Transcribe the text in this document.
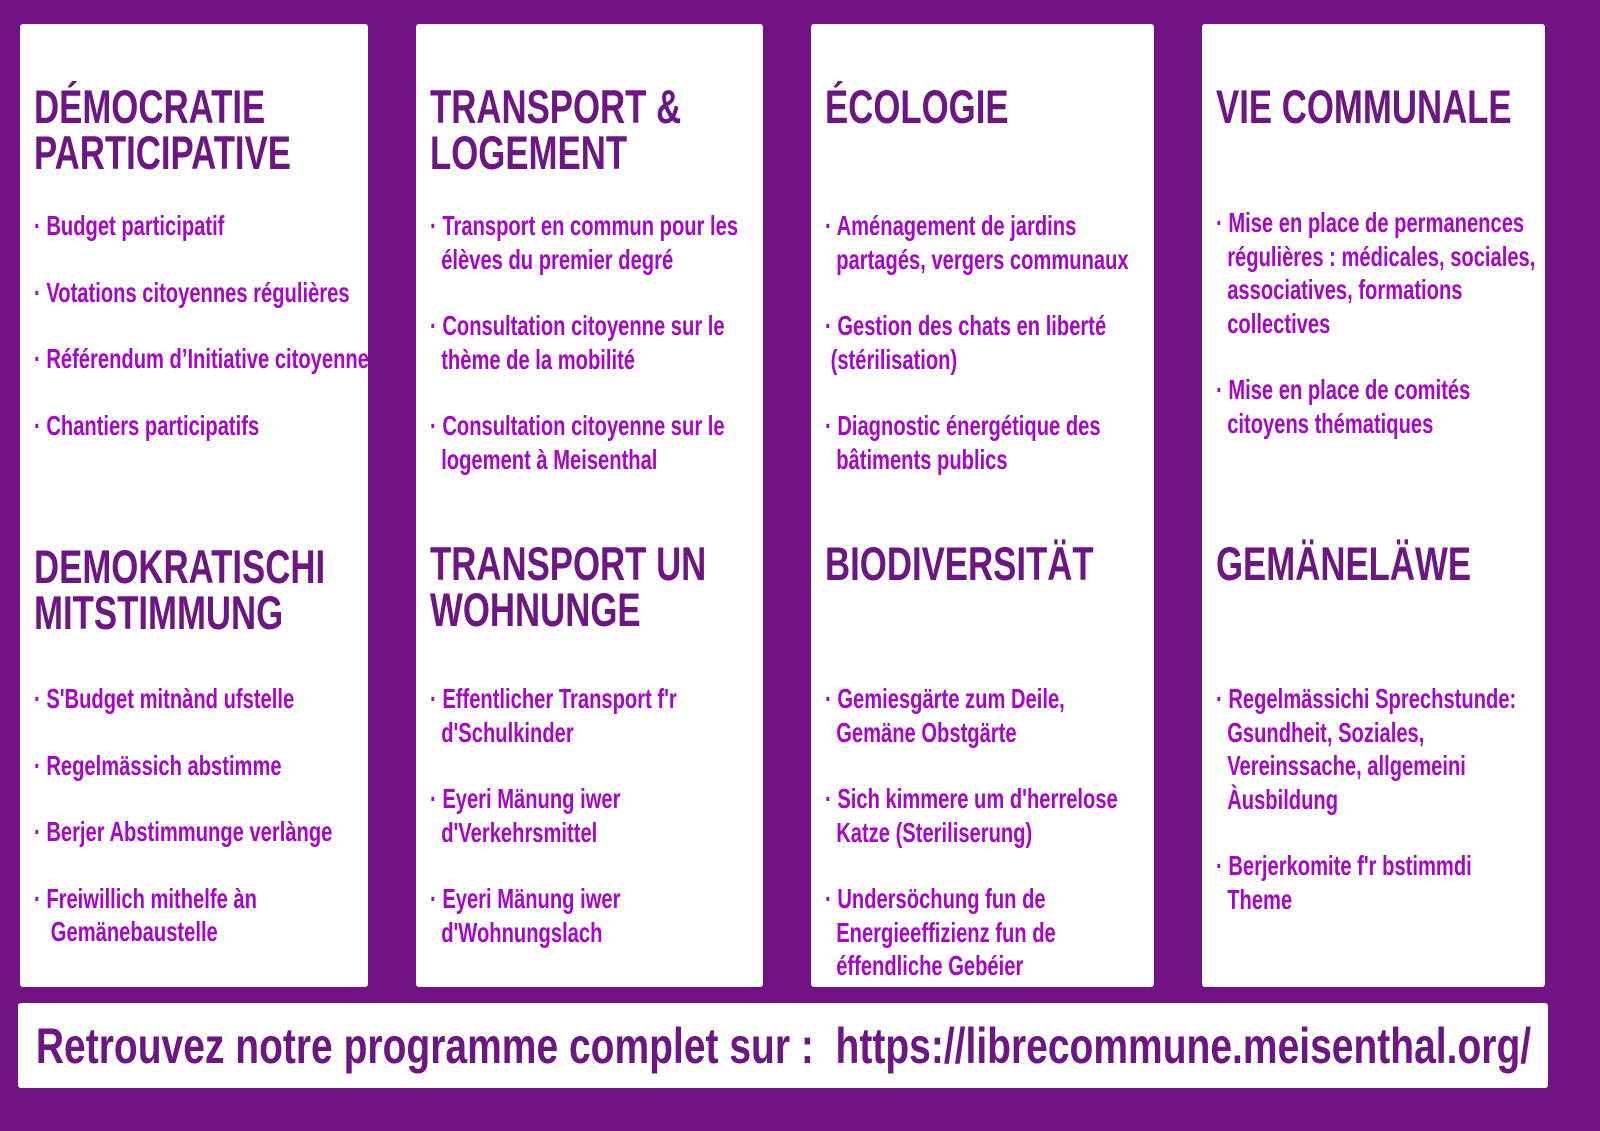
DÉMOCRATIE
PARTICIPATIVE
· Budget participatif
· Votations citoyennes régulières
· Référendum d’Initiative citoyenne
· Chantiers participatifs
DEMOKRATISCHI
MITSTIMMUNG
· S'Budget mitnànd ufstelle
· Regelmässich abstimme
· Berjer Abstimmunge verlànge
· Freiwillich mithelfe àn
Gemänebaustelle
TRANSPORT &
LOGEMENT
· Transport en commun pour les
élèves du premier degré
· Consultation citoyenne sur le
thème de la mobilité
· Consultation citoyenne sur le
logement à Meisenthal
TRANSPORT UN
WOHNUNGE
· Effentlicher Transport f'r
d'Schulkinder
· Eyeri Mänung iwer
d'Verkehrsmittel
· Eyeri Mänung iwer
d'Wohnungslach
ÉCOLOGIE
· Aménagement de jardins
partagés, vergers communaux
· Gestion des chats en liberté
(stérilisation)
· Diagnostic énergétique des
bâtiments publics
BIODIVERSITÄT
· Gemiesgärte zum Deile,
Gemäne Obstgärte
· Sich kimmere um d'herrelose
Katze (Steriliserung)
· Undersöchung fun de
Energieeffizienz fun de
éffendliche Gebéier
VIE COMMUNALE
· Mise en place de permanences
régulières : médicales, sociales,
associatives, formations
collectives
· Mise en place de comités
citoyens thématiques
GEMÄNELÄWE
· Regelmässichi Sprechstunde:
Gsundheit, Soziales,
Vereinssache, allgemeini
Àusbildung
· Berjerkomite f'r bstimmdi
Theme
Retrouvez notre programme complet sur :  https://librecommune.meisenthal.org/
